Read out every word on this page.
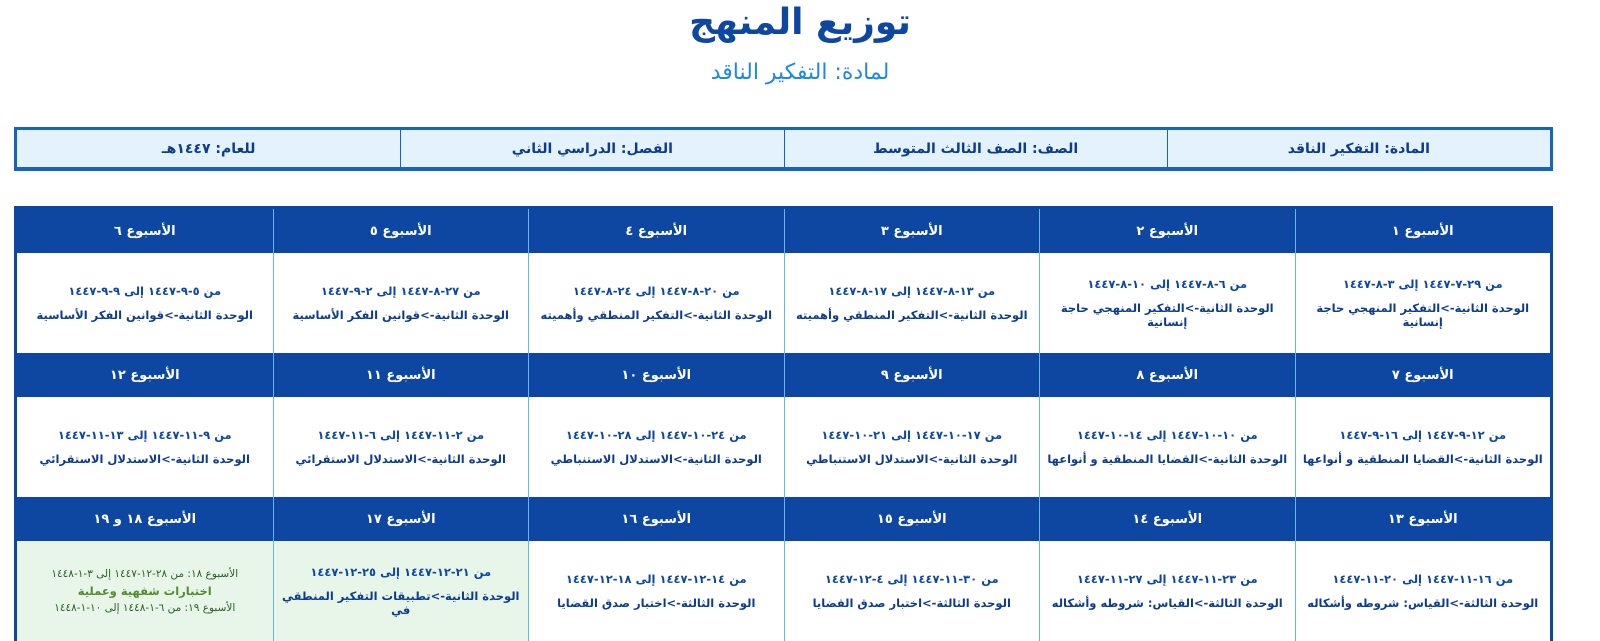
توزيع المنهج
لمادة: التفكير الناقد
المادة: التفكير الناقد
الصف: الصف الثالث المتوسط
الفصل: الدراسي الثاني
للعام: ١٤٤٧هـ
الأسبوع ١
الأسبوع ٢
الأسبوع ٣
الأسبوع ٤
الأسبوع ٥
الأسبوع ٦
من ٢٩-٧-١٤٤٧ إلى ٣-٨-١٤٤٧
الوحدة الثانية->التفكير المنهجي حاجة إنسانية
من ٦-٨-١٤٤٧ إلى ١٠-٨-١٤٤٧
الوحدة الثانية->التفكير المنهجي حاجة إنسانية
من ١٣-٨-١٤٤٧ إلى ١٧-٨-١٤٤٧
الوحدة الثانية->التفكير المنطقي وأهميته
من ٢٠-٨-١٤٤٧ إلى ٢٤-٨-١٤٤٧
الوحدة الثانية->التفكير المنطقي وأهميته
من ٢٧-٨-١٤٤٧ إلى ٢-٩-١٤٤٧
الوحدة الثانية->قوانين الفكر الأساسية
من ٥-٩-١٤٤٧ إلى ٩-٩-١٤٤٧
الوحدة الثانية->قوانين الفكر الأساسية
الأسبوع ٧
الأسبوع ٨
الأسبوع ٩
الأسبوع ١٠
الأسبوع ١١
الأسبوع ١٢
من ١٢-٩-١٤٤٧ إلى ١٦-٩-١٤٤٧
الوحدة الثانية->القضايا المنطقية و أنواعها
من ١٠-١٠-١٤٤٧ إلى ١٤-١٠-١٤٤٧
الوحدة الثانية->القضايا المنطقية و أنواعها
من ١٧-١٠-١٤٤٧ إلى ٢١-١٠-١٤٤٧
الوحدة الثانية->الاستدلال الاستنباطي
من ٢٤-١٠-١٤٤٧ إلى ٢٨-١٠-١٤٤٧
الوحدة الثانية->الاستدلال الاستنباطي
من ٢-١١-١٤٤٧ إلى ٦-١١-١٤٤٧
الوحدة الثانية->الاستدلال الاستقرائي
من ٩-١١-١٤٤٧ إلى ١٣-١١-١٤٤٧
الوحدة الثانية->الاستدلال الاستقرائي
الأسبوع ١٣
الأسبوع ١٤
الأسبوع ١٥
الأسبوع ١٦
الأسبوع ١٧
الأسبوع ١٨ و ١٩
من ١٦-١١-١٤٤٧ إلى ٢٠-١١-١٤٤٧
الوحدة الثالثة->القياس: شروطه وأشكاله
من ٢٣-١١-١٤٤٧ إلى ٢٧-١١-١٤٤٧
الوحدة الثالثة->القياس: شروطه وأشكاله
من ٣٠-١١-١٤٤٧ إلى ٤-١٢-١٤٤٧
الوحدة الثالثة->اختبار صدق القضايا
من ١٤-١٢-١٤٤٧ إلى ١٨-١٢-١٤٤٧
الوحدة الثالثة->اختبار صدق القضايا
من ٢١-١٢-١٤٤٧ إلى ٢٥-١٢-١٤٤٧
الوحدة الثانية->تطبيقات التفكير المنطقي في
الأسبوع ١٨: من ٢٨-١٢-١٤٤٧ إلى ٣-١-١٤٤٨
اختبارات شفهية وعملية
الأسبوع ١٩: من ٦-١-١٤٤٨ إلى ١٠-١-١٤٤٨
